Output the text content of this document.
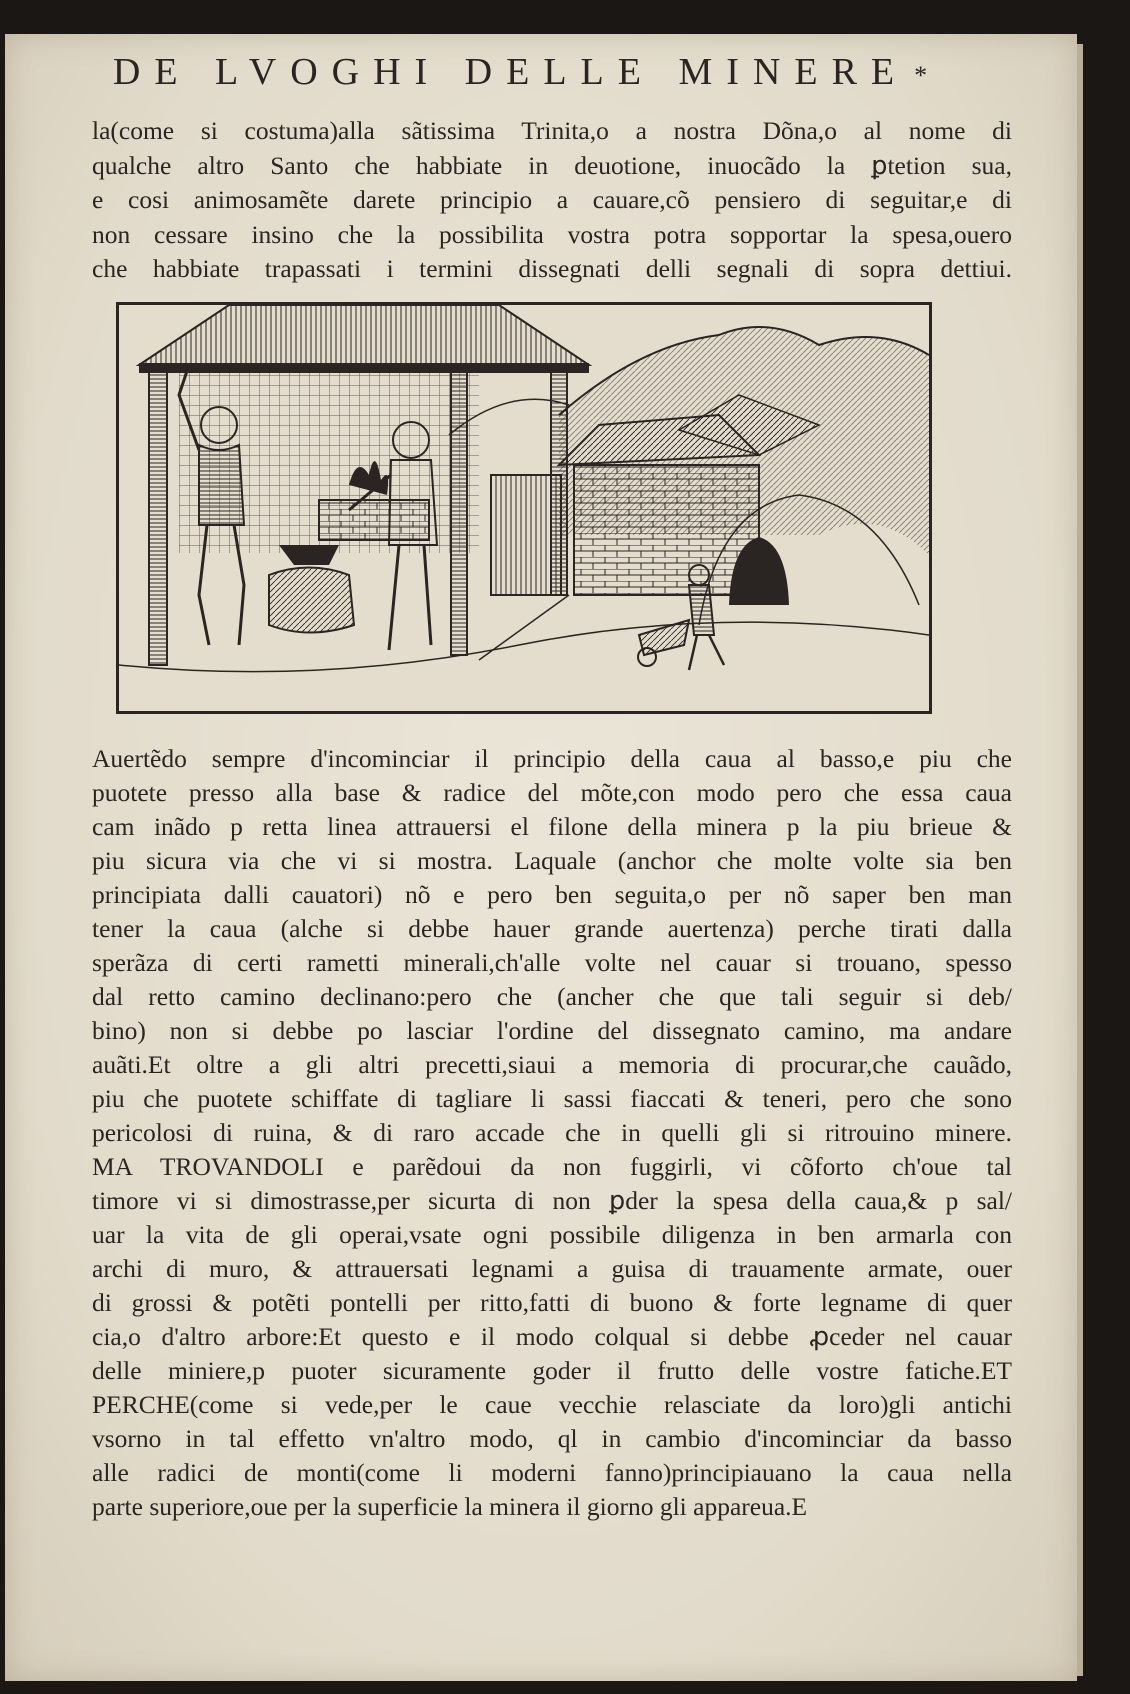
DE LVOGHI DELLE MINERE *
la(come si costuma)alla sãtissima Trinita,o a nostra Dõna,o al nome di
qualche altro Santo che habbiate in deuotione, inuocãdo la ꝑtetion sua,
e cosi animosamẽte darete principio a cauare,cõ pensiero di seguitar,e di
non cessare insino che la possibilita vostra potra sopportar la spesa,ouero
che habbiate trapassati i termini dissegnati delli segnali di sopra dettiui.
Auertẽdo sempre d'incominciar il principio della caua al basso,e piu che
puotete presso alla base & radice del mõte,con modo pero che essa caua
cam inãdo p retta linea attrauersi el filone della minera p la piu brieue &
piu sicura via che vi si mostra. Laquale (anchor che molte volte sia ben
principiata dalli cauatori) nõ e pero ben seguita,o per nõ saper ben man
tener la caua (alche si debbe hauer grande auertenza) perche tirati dalla
sperãza di certi rametti minerali,ch'alle volte nel cauar si trouano, spesso
dal retto camino declinano:pero che (ancher che que tali seguir si deb/
bino) non si debbe po lasciar l'ordine del dissegnato camino, ma andare
auãti.Et oltre a gli altri precetti,siaui a memoria di procurar,che cauãdo,
piu che puotete schiffate di tagliare li sassi fiaccati & teneri, pero che sono
pericolosi di ruina, & di raro accade che in quelli gli si ritrouino minere.
MA TROVANDOLI e parẽdoui da non fuggirli, vi cõforto ch'oue tal
timore vi si dimostrasse,per sicurta di non ꝑder la spesa della caua,& p sal/
uar la vita de gli operai,vsate ogni possibile diligenza in ben armarla con
archi di muro, & attrauersati legnami a guisa di trauamente armate, ouer
di grossi & potẽti pontelli per ritto,fatti di buono & forte legname di quer
cia,o d'altro arbore:Et questo e il modo colqual si debbe ꝓceder nel cauar
delle miniere,p puoter sicuramente goder il frutto delle vostre fatiche.ET
PERCHE(come si vede,per le caue vecchie relasciate da loro)gli antichi
vsorno in tal effetto vn'altro modo, ql in cambio d'incominciar da basso
alle radici de monti(come li moderni fanno)principiauano la caua nella
parte superiore,oue per la superficie la minera il giorno gli appareua.E
